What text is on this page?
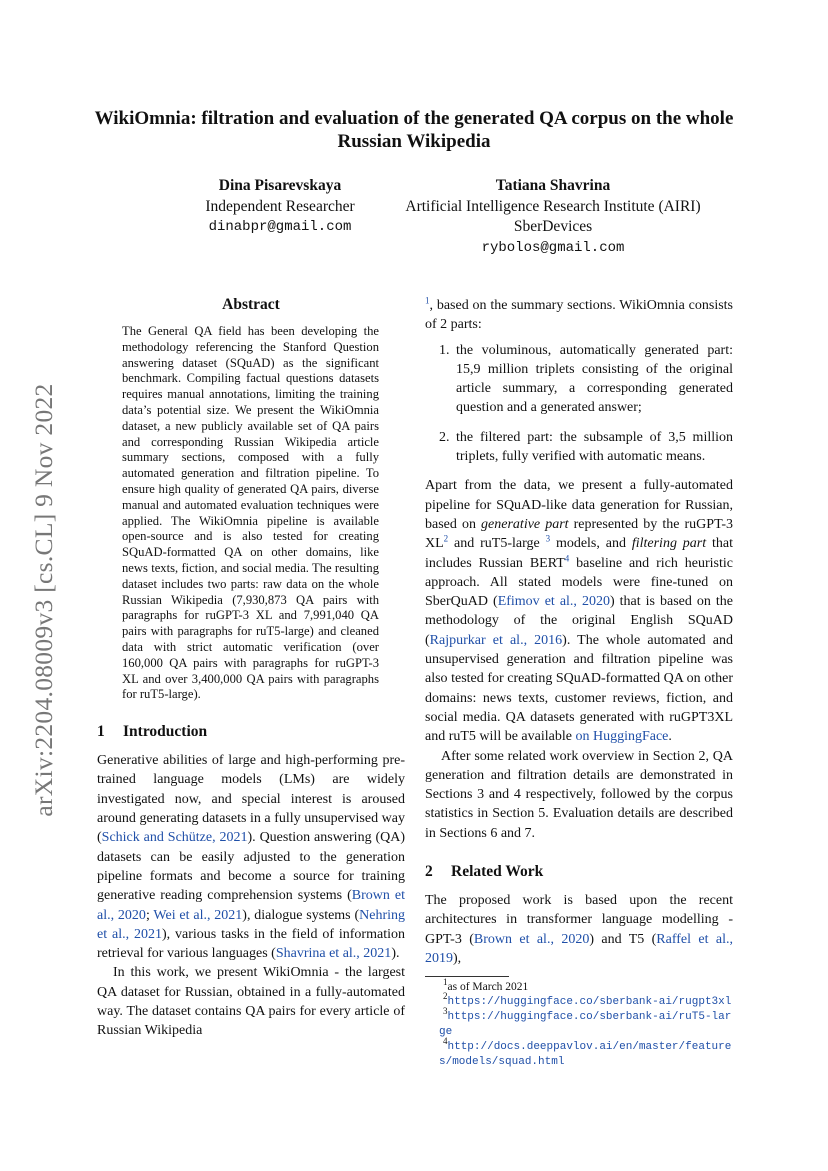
arXiv:2204.08009v3 [cs.CL] 9 Nov 2022
WikiOmnia: filtration and evaluation of the generated QA corpus on the whole Russian Wikipedia
Dina Pisarevskaya
Independent Researcher
dinabpr@gmail.com
Tatiana Shavrina
Artificial Intelligence Research Institute (AIRI)
SberDevices
rybolos@gmail.com
Abstract

The General QA field has been developing the methodology referencing the Stanford Question answering dataset (SQuAD) as the significant benchmark. Compiling factual questions datasets requires manual annotations, limiting the training data’s potential size. We present the WikiOmnia dataset, a new publicly available set of QA pairs and corresponding Russian Wikipedia article summary sections, composed with a fully automated generation and filtration pipeline. To ensure high quality of generated QA pairs, diverse manual and automated evaluation techniques were applied. The WikiOmnia pipeline is available open-source and is also tested for creating SQuAD-formatted QA on other domains, like news texts, fiction, and social media. The resulting dataset includes two parts: raw data on the whole Russian Wikipedia (7,930,873 QA pairs with paragraphs for ruGPT-3 XL and 7,991,040 QA pairs with paragraphs for ruT5-large) and cleaned data with strict automatic verification (over 160,000 QA pairs with paragraphs for ruGPT-3 XL and over 3,400,000 QA pairs with paragraphs for ruT5-large).

1 Introduction

Generative abilities of large and high-performing pre-trained language models (LMs) are widely investigated now, and special interest is aroused around generating datasets in a fully unsupervised way (Schick and Schütze, 2021). Question answering (QA) datasets can be easily adjusted to the generation pipeline formats and become a source for training generative reading comprehension systems (Brown et al., 2020; Wei et al., 2021), dialogue systems (Nehring et al., 2021), various tasks in the field of information retrieval for various languages (Shavrina et al., 2021).

In this work, we present WikiOmnia - the largest QA dataset for Russian, obtained in a fully-automated way. The dataset contains QA pairs for every article of Russian Wikipedia

$^1$, based on the summary sections. WikiOmnia consists of 2 parts:

1. the voluminous, automatically generated part: 15,9 million triplets consisting of the original article summary, a corresponding generated question and a generated answer;
2. the filtered part: the subsample of 3,5 million triplets, fully verified with automatic means.

Apart from the data, we present a fully-automated pipeline for SQuAD-like data generation for Russian, based on generative part represented by the ruGPT-3 $XL^2$ and ruT5-large $^3$ models, and filtering part that includes Russian BERT$^4$ baseline and rich heuristic approach. All stated models were fine-tuned on SberQuAD (Efimov et al., 2020) that is based on the methodology of the original English SQuAD (Rajpurkar et al., 2016). The whole automated and unsupervised generation and filtration pipeline was also tested for creating SQuAD-formatted QA on other domains: news texts, customer reviews, fiction, and social media. QA datasets generated with ruGPT3XL and ruT5 will be available on HuggingFace.

After some related work overview in Section 2, QA generation and filtration details are demonstrated in Sections 3 and 4 respectively, followed by the corpus statistics in Section 5. Evaluation details are described in Sections 6 and 7.

2 Related Work

The proposed work is based upon the recent architectures in transformer language modelling - GPT-3 (Brown et al., 2020) and T5 (Raffel et al., 2019),

$^1$as of March 2021
$^2$https://huggingface.co/sberbank-ai/rugpt3xl
$^3$https://huggingface.co/sberbank-ai/ruT5-large
$^4$http://docs.deeppavlov.ai/en/master/features/models/squad.html
